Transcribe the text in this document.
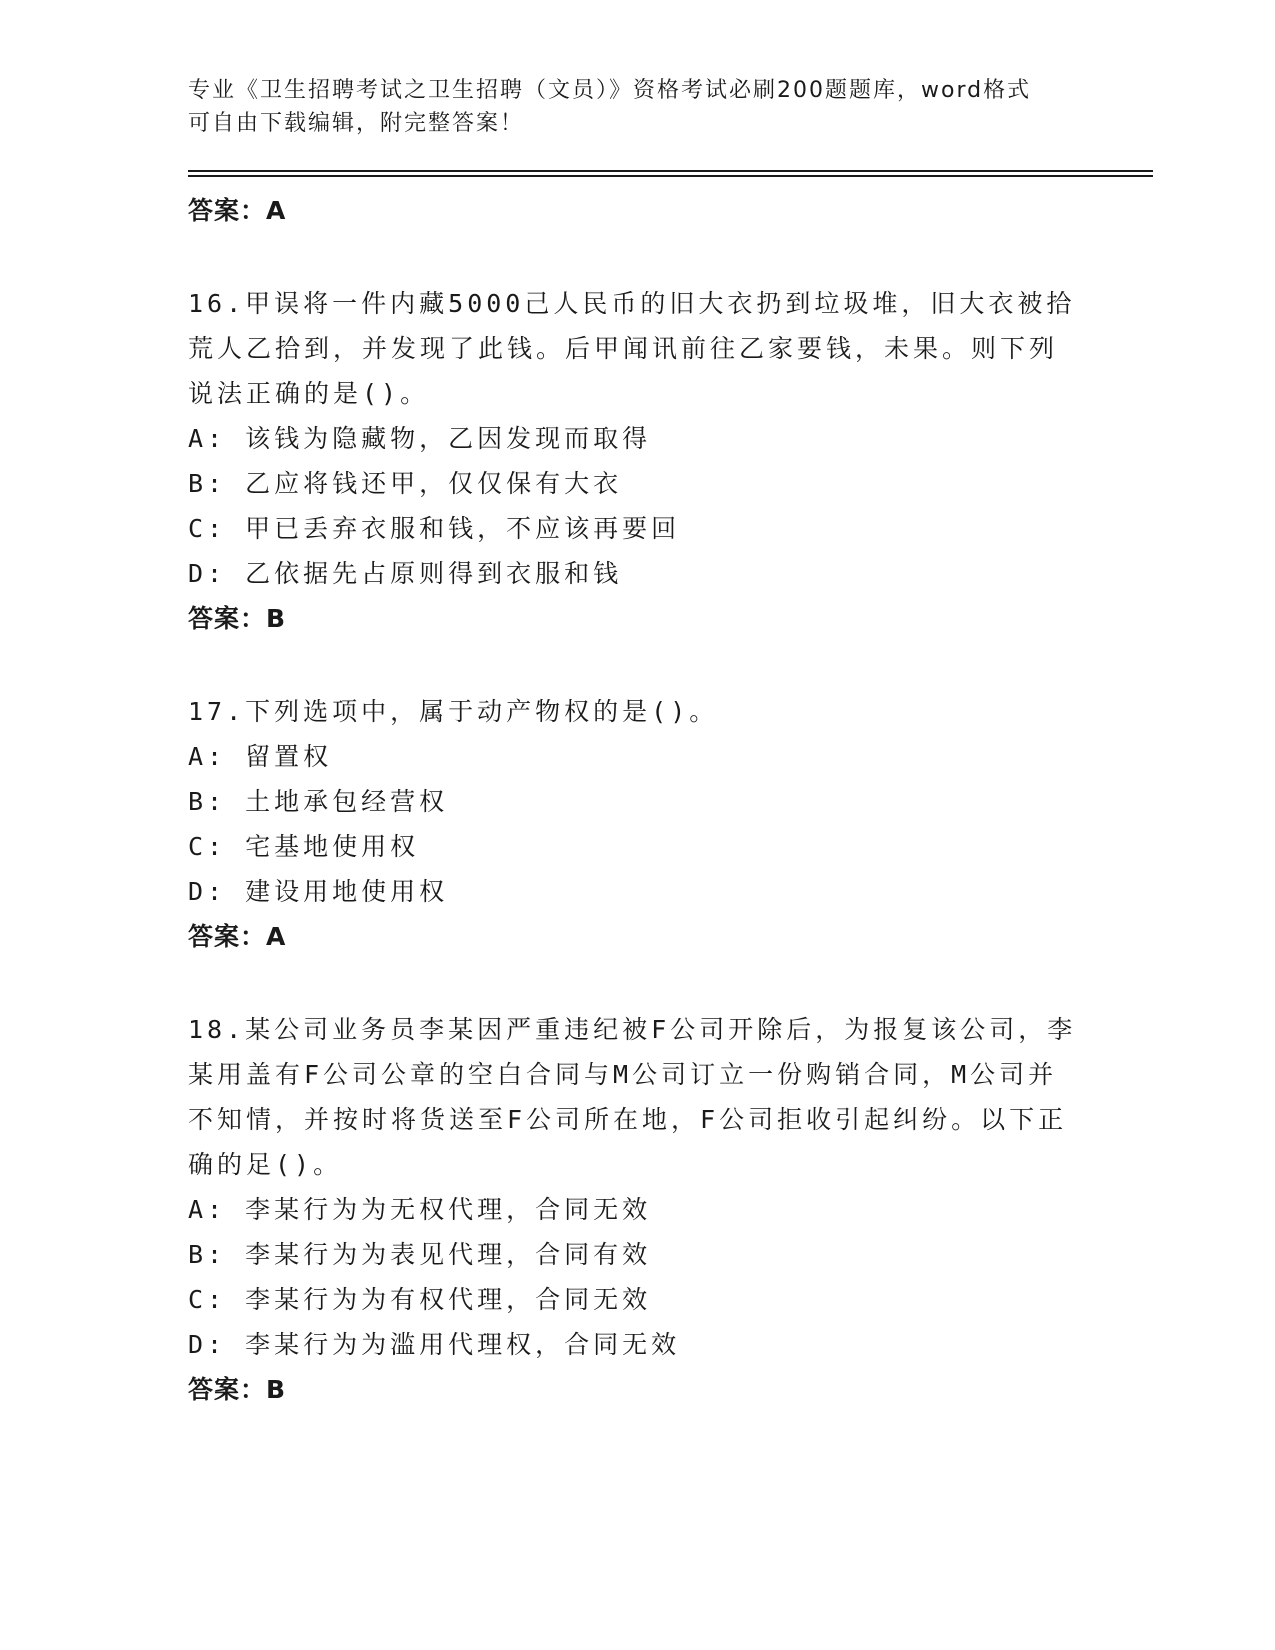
专业《卫生招聘考试之卫生招聘（文员）》资格考试必刷200题题库，word格式
可自由下载编辑，附完整答案！
答案：A
16.甲误将一件内藏5000己人民币的旧大衣扔到垃圾堆，旧大衣被拾
荒人乙拾到，并发现了此钱。后甲闻讯前往乙家要钱，未果。则下列
说法正确的是()。
A: 该钱为隐藏物，乙因发现而取得
B: 乙应将钱还甲，仅仅保有大衣
C: 甲已丢弃衣服和钱，不应该再要回
D: 乙依据先占原则得到衣服和钱
答案：B
17.下列选项中，属于动产物权的是()。
A: 留置权
B: 土地承包经营权
C: 宅基地使用权
D: 建设用地使用权
答案：A
18.某公司业务员李某因严重违纪被F公司开除后，为报复该公司，李
某用盖有F公司公章的空白合同与M公司订立一份购销合同，M公司并
不知情，并按时将货送至F公司所在地，F公司拒收引起纠纷。以下正
确的足()。
A: 李某行为为无权代理，合同无效
B: 李某行为为表见代理，合同有效
C: 李某行为为有权代理，合同无效
D: 李某行为为滥用代理权，合同无效
答案：B
